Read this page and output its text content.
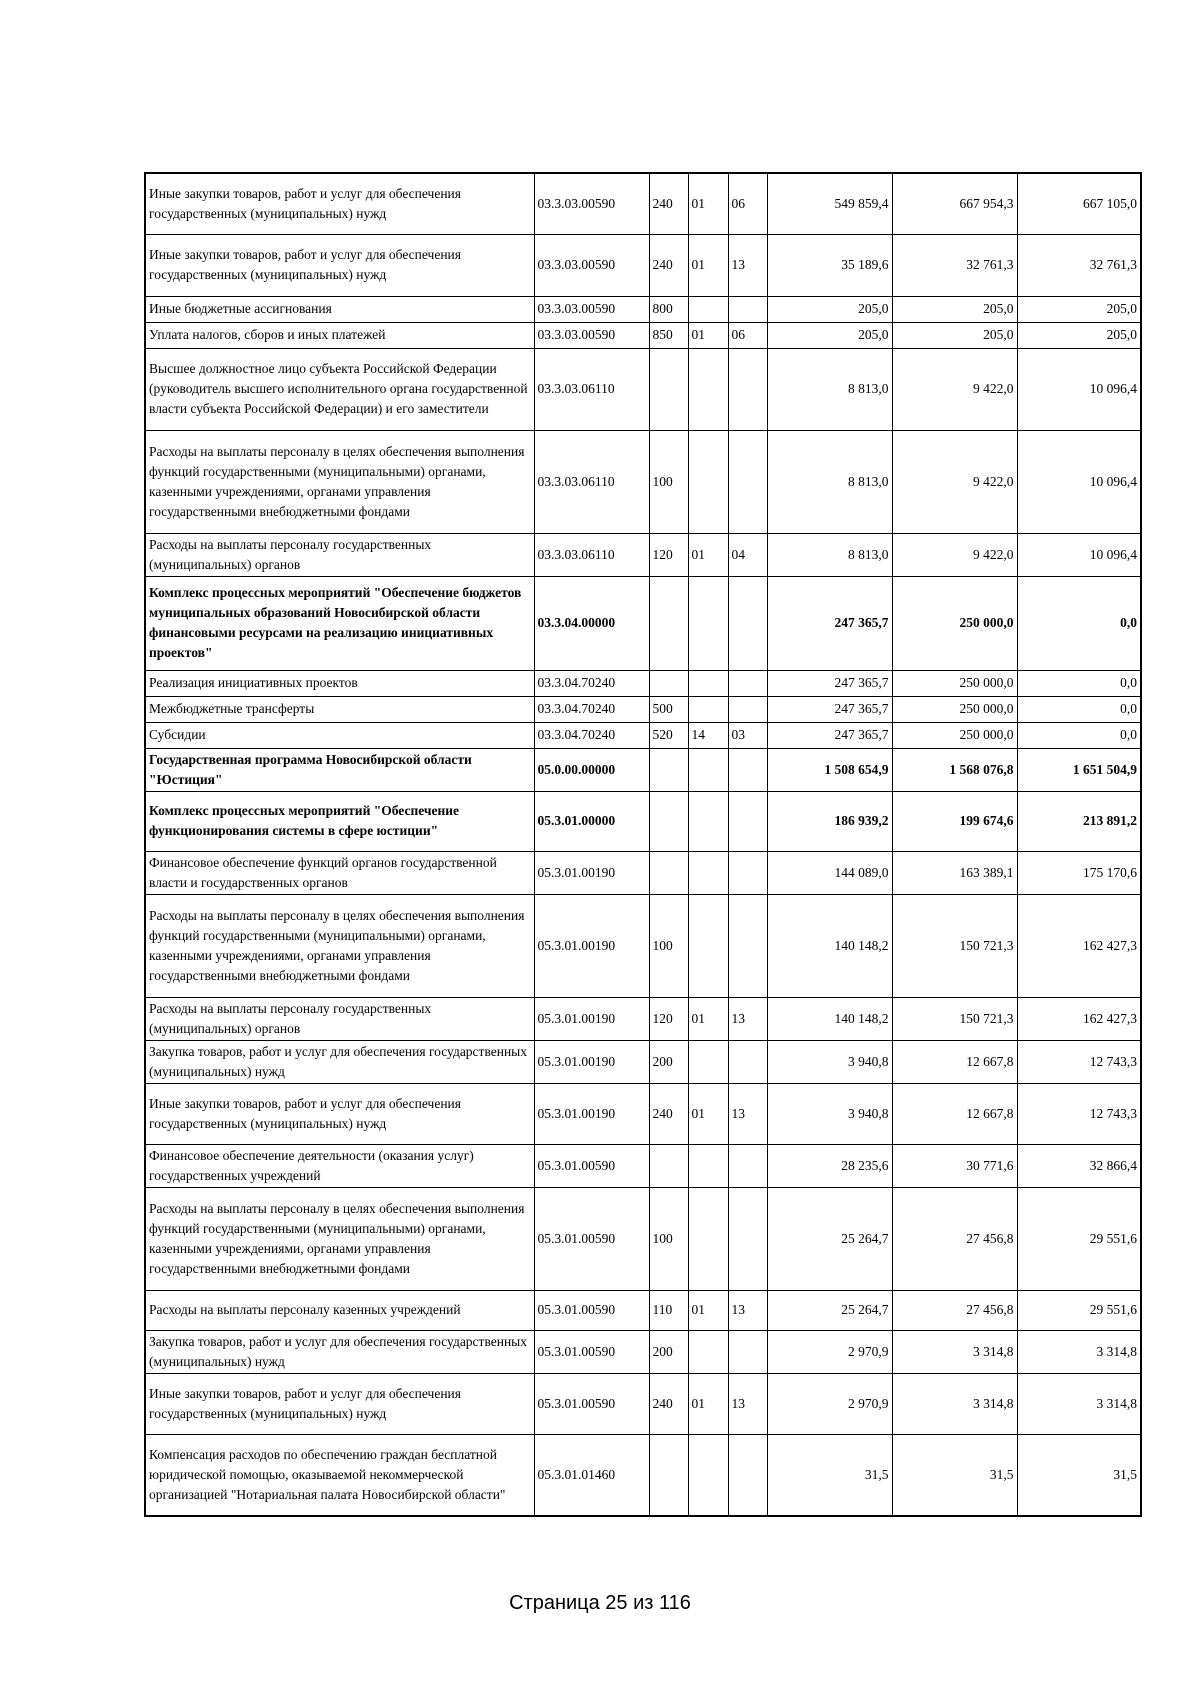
Иные закупки товаров, работ и услуг для обеспечения государственных (муниципальных) нужд	03.3.03.00590	240	01	06	549 859,4	667 954,3	667 105,0
Иные закупки товаров, работ и услуг для обеспечения государственных (муниципальных) нужд	03.3.03.00590	240	01	13	35 189,6	32 761,3	32 761,3
Иные бюджетные ассигнования	03.3.03.00590	800			205,0	205,0	205,0
Уплата налогов, сборов и иных платежей	03.3.03.00590	850	01	06	205,0	205,0	205,0
Высшее должностное лицо субъекта Российской Федерации (руководитель высшего исполнительного органа государственной власти субъекта Российской Федерации) и его заместители	03.3.03.06110				8 813,0	9 422,0	10 096,4
Расходы на выплаты персоналу в целях обеспечения выполнения функций государственными (муниципальными) органами, казенными учреждениями, органами управления государственными внебюджетными фондами	03.3.03.06110	100			8 813,0	9 422,0	10 096,4
Расходы на выплаты персоналу государственных (муниципальных) органов	03.3.03.06110	120	01	04	8 813,0	9 422,0	10 096,4
Комплекс процессных мероприятий "Обеспечение бюджетов муниципальных образований Новосибирской области финансовыми ресурсами на реализацию инициативных проектов"	03.3.04.00000				247 365,7	250 000,0	0,0
Реализация инициативных проектов	03.3.04.70240				247 365,7	250 000,0	0,0
Межбюджетные трансферты	03.3.04.70240	500			247 365,7	250 000,0	0,0
Субсидии	03.3.04.70240	520	14	03	247 365,7	250 000,0	0,0
Государственная программа Новосибирской области "Юстиция"	05.0.00.00000				1 508 654,9	1 568 076,8	1 651 504,9
Комплекс процессных мероприятий "Обеспечение функционирования системы в сфере юстиции"	05.3.01.00000				186 939,2	199 674,6	213 891,2
Финансовое обеспечение функций органов государственной власти и государственных органов	05.3.01.00190				144 089,0	163 389,1	175 170,6
Расходы на выплаты персоналу в целях обеспечения выполнения функций государственными (муниципальными) органами, казенными учреждениями, органами управления государственными внебюджетными фондами	05.3.01.00190	100			140 148,2	150 721,3	162 427,3
Расходы на выплаты персоналу государственных (муниципальных) органов	05.3.01.00190	120	01	13	140 148,2	150 721,3	162 427,3
Закупка товаров, работ и услуг для обеспечения государственных (муниципальных) нужд	05.3.01.00190	200			3 940,8	12 667,8	12 743,3
Иные закупки товаров, работ и услуг для обеспечения государственных (муниципальных) нужд	05.3.01.00190	240	01	13	3 940,8	12 667,8	12 743,3
Финансовое обеспечение деятельности (оказания услуг) государственных учреждений	05.3.01.00590				28 235,6	30 771,6	32 866,4
Расходы на выплаты персоналу в целях обеспечения выполнения функций государственными (муниципальными) органами, казенными учреждениями, органами управления государственными внебюджетными фондами	05.3.01.00590	100			25 264,7	27 456,8	29 551,6
Расходы на выплаты персоналу казенных учреждений	05.3.01.00590	110	01	13	25 264,7	27 456,8	29 551,6
Закупка товаров, работ и услуг для обеспечения государственных (муниципальных) нужд	05.3.01.00590	200			2 970,9	3 314,8	3 314,8
Иные закупки товаров, работ и услуг для обеспечения государственных (муниципальных) нужд	05.3.01.00590	240	01	13	2 970,9	3 314,8	3 314,8
Компенсация расходов по обеспечению граждан бесплатной юридической помощью, оказываемой некоммерческой организацией "Нотариальная палата Новосибирской области"	05.3.01.01460				31,5	31,5	31,5
Страница 25 из 116
